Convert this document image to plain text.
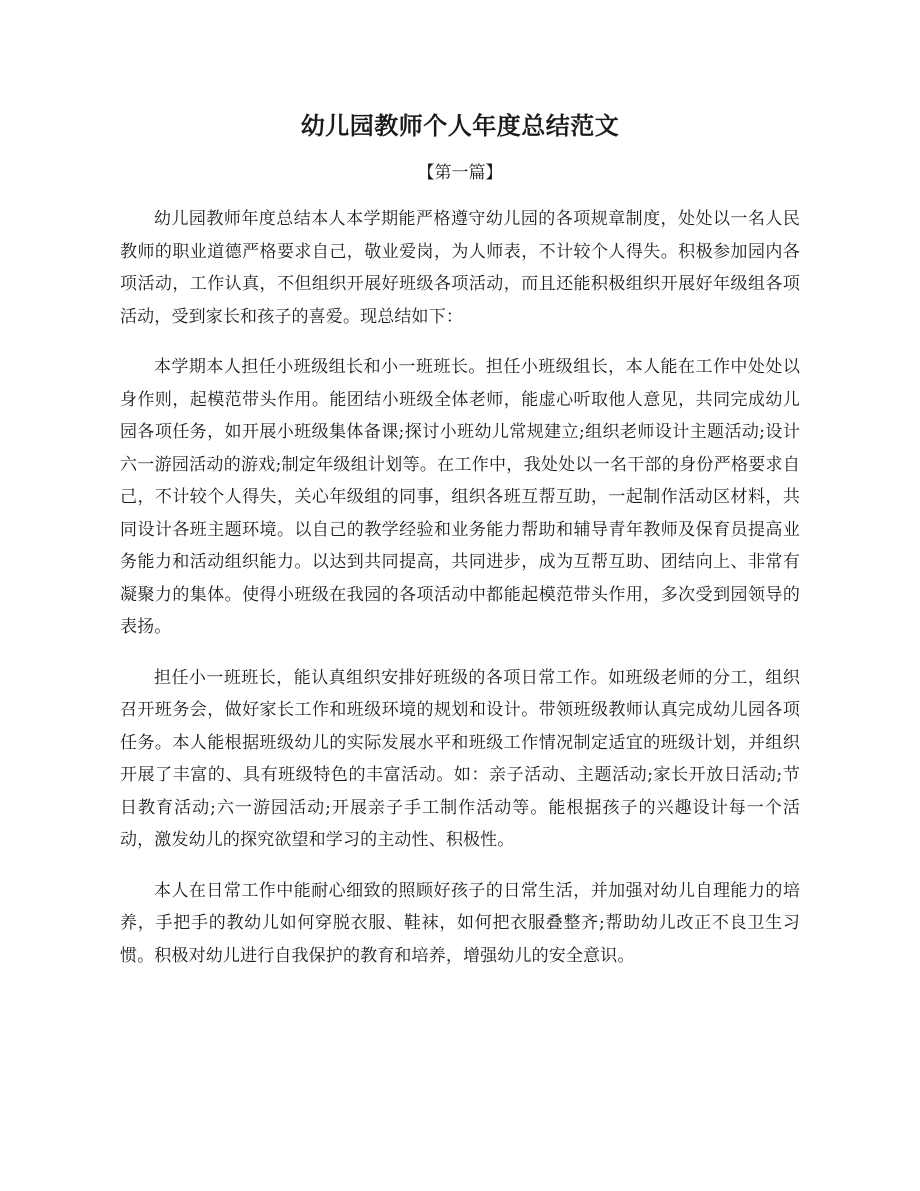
幼儿园教师个人年度总结范文
【第一篇】

幼儿园教师年度总结本人本学期能严格遵守幼儿园的各项规章制度，处处以一名人民教师的职业道德严格要求自己，敬业爱岗，为人师表，不计较个人得失。积极参加园内各项活动，工作认真，不但组织开展好班级各项活动，而且还能积极组织开展好年级组各项活动，受到家长和孩子的喜爱。现总结如下：

本学期本人担任小班级组长和小一班班长。担任小班级组长，本人能在工作中处处以身作则，起模范带头作用。能团结小班级全体老师，能虚心听取他人意见，共同完成幼儿园各项任务，如开展小班级集体备课;探讨小班幼儿常规建立;组织老师设计主题活动;设计六一游园活动的游戏;制定年级组计划等。在工作中，我处处以一名干部的身份严格要求自己，不计较个人得失，关心年级组的同事，组织各班互帮互助，一起制作活动区材料，共同设计各班主题环境。以自己的教学经验和业务能力帮助和辅导青年教师及保育员提高业务能力和活动组织能力。以达到共同提高，共同进步，成为互帮互助、团结向上、非常有凝聚力的集体。使得小班级在我园的各项活动中都能起模范带头作用，多次受到园领导的表扬。

担任小一班班长，能认真组织安排好班级的各项日常工作。如班级老师的分工，组织召开班务会，做好家长工作和班级环境的规划和设计。带领班级教师认真完成幼儿园各项任务。本人能根据班级幼儿的实际发展水平和班级工作情况制定适宜的班级计划，并组织开展了丰富的、具有班级特色的丰富活动。如：亲子活动、主题活动;家长开放日活动;节日教育活动;六一游园活动;开展亲子手工制作活动等。能根据孩子的兴趣设计每一个活动，激发幼儿的探究欲望和学习的主动性、积极性。

本人在日常工作中能耐心细致的照顾好孩子的日常生活，并加强对幼儿自理能力的培养，手把手的教幼儿如何穿脱衣服、鞋袜，如何把衣服叠整齐;帮助幼儿改正不良卫生习惯。积极对幼儿进行自我保护的教育和培养，增强幼儿的安全意识。
